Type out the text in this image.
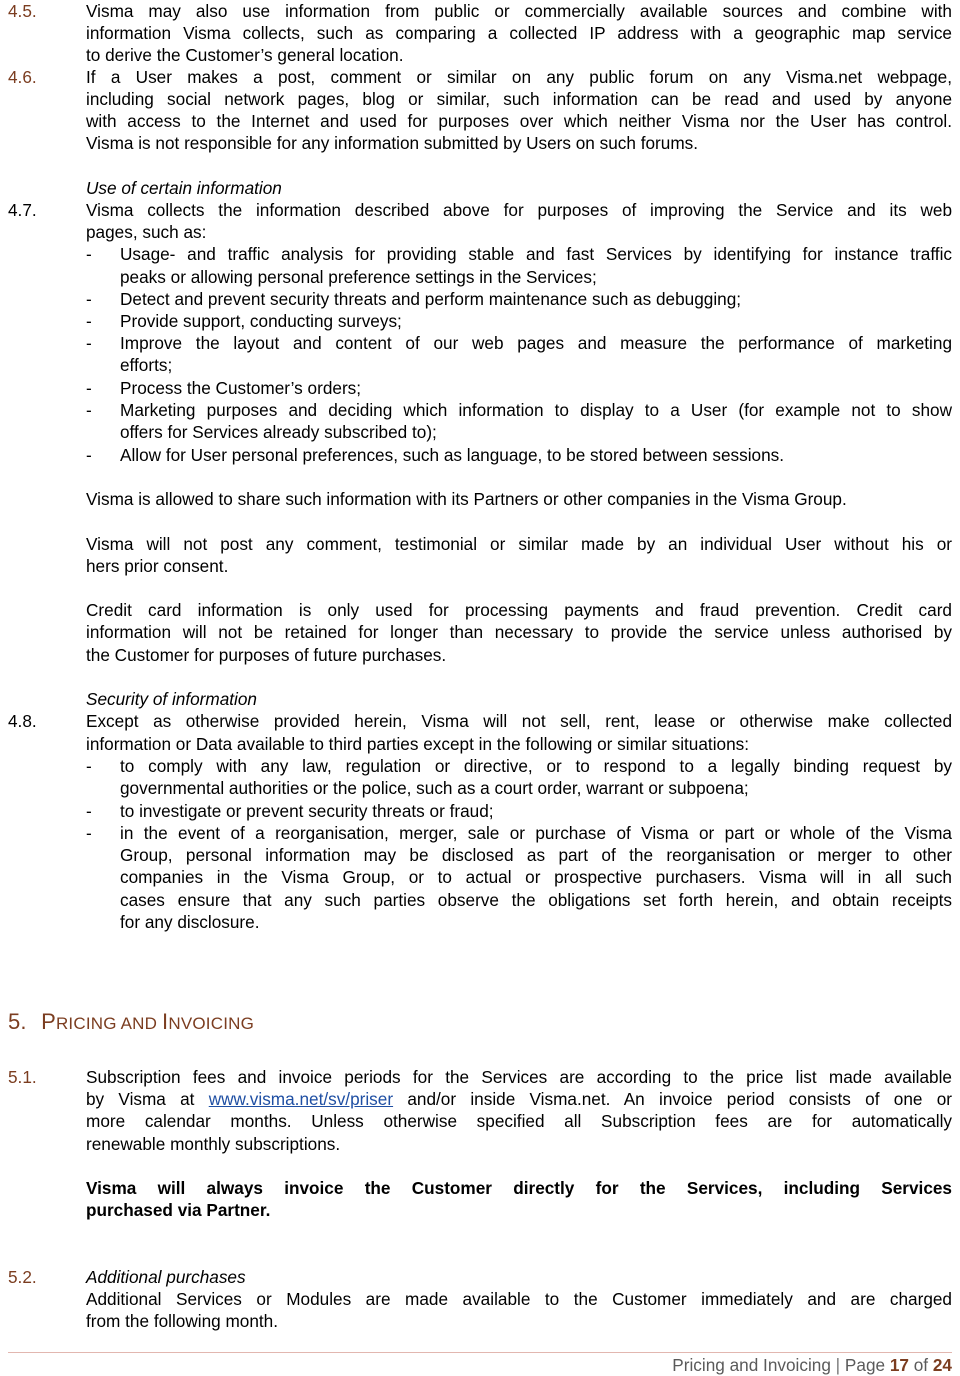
4.5.	Visma may also use information from public or commercially available sources and combine with
information Visma collects, such as comparing a collected IP address with a geographic map service
to derive the Customer’s general location.
4.6.	If a User makes a post, comment or similar on any public forum on any Visma.net webpage,
including social network pages, blog or similar, such information can be read and used by anyone
with access to the Internet and used for purposes over which neither Visma nor the User has control.
Visma is not responsible for any information submitted by Users on such forums.
Use of certain information
4.7.	Visma collects the information described above for purposes of improving the Service and its web
pages, such as:
- Usage- and traffic analysis for providing stable and fast Services by identifying for instance traffic
peaks or allowing personal preference settings in the Services;
- Detect and prevent security threats and perform maintenance such as debugging;
- Provide support, conducting surveys;
- Improve the layout and content of our web pages and measure the performance of marketing
efforts;
- Process the Customer’s orders;
- Marketing purposes and deciding which information to display to a User (for example not to show
offers for Services already subscribed to);
- Allow for User personal preferences, such as language, to be stored between sessions.
Visma is allowed to share such information with its Partners or other companies in the Visma Group.
Visma will not post any comment, testimonial or similar made by an individual User without his or
hers prior consent.
Credit card information is only used for processing payments and fraud prevention. Credit card
information will not be retained for longer than necessary to provide the service unless authorised by
the Customer for purposes of future purchases.
Security of information
4.8.	Except as otherwise provided herein, Visma will not sell, rent, lease or otherwise make collected
information or Data available to third parties except in the following or similar situations:
- to comply with any law, regulation or directive, or to respond to a legally binding request by
governmental authorities or the police, such as a court order, warrant or subpoena;
- to investigate or prevent security threats or fraud;
- in the event of a reorganisation, merger, sale or purchase of Visma or part or whole of the Visma
Group, personal information may be disclosed as part of the reorganisation or merger to other
companies in the Visma Group, or to actual or prospective purchasers. Visma will in all such
cases ensure that any such parties observe the obligations set forth herein, and obtain receipts
for any disclosure.
5. PRICING AND INVOICING
5.1.	Subscription fees and invoice periods for the Services are according to the price list made available
by Visma at www.visma.net/sv/priser and/or inside Visma.net. An invoice period consists of one or
more calendar months. Unless otherwise specified all Subscription fees are for automatically
renewable monthly subscriptions.
Visma will always invoice the Customer directly for the Services, including Services
purchased via Partner.
5.2.	Additional purchases
Additional Services or Modules are made available to the Customer immediately and are charged
from the following month.
Pricing and Invoicing | Page 17 of 24
